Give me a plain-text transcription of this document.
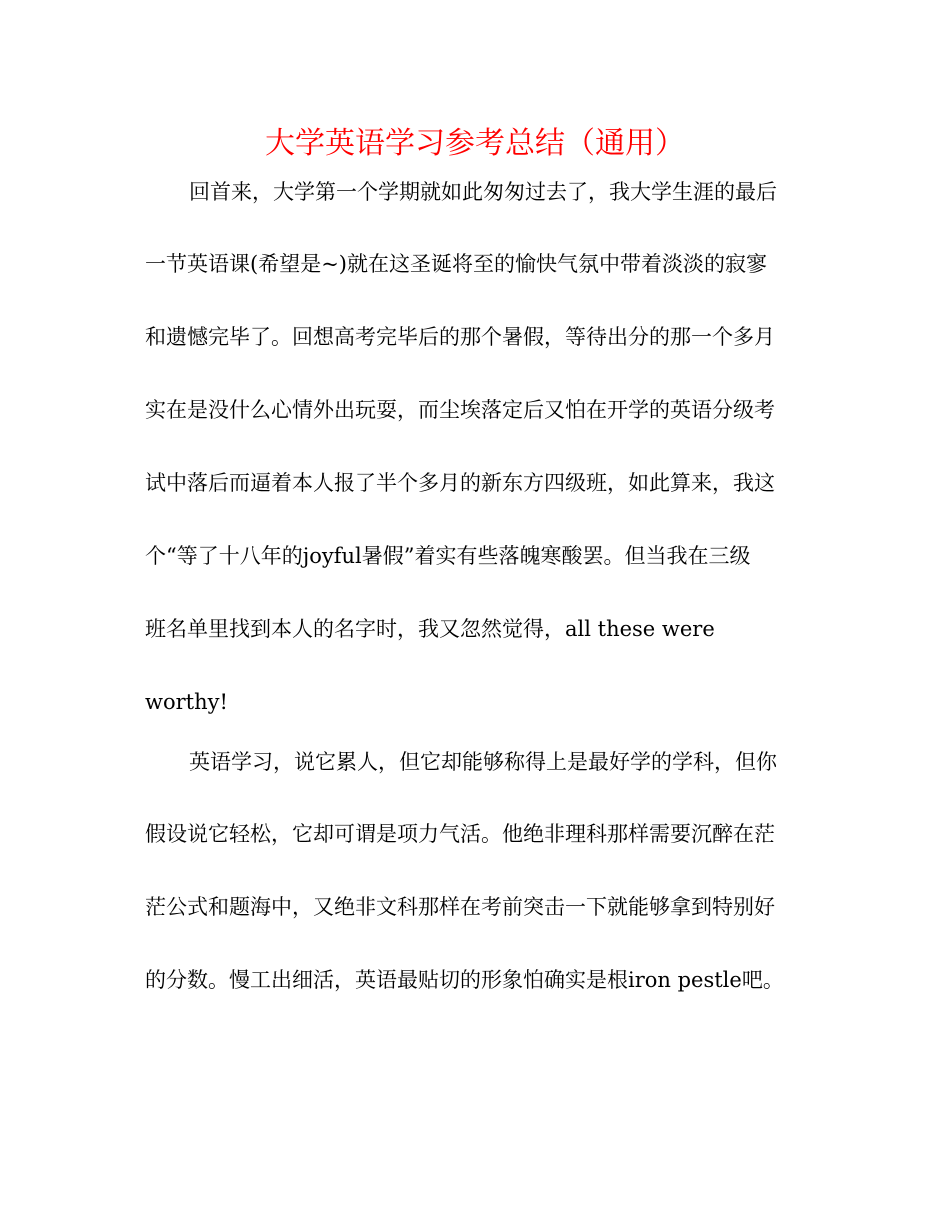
大学英语学习参考总结（通用）
回首来，大学第一个学期就如此匆匆过去了，我大学生涯的最后
一节英语课(希望是~)就在这圣诞将至的愉快气氛中带着淡淡的寂寥
和遗憾完毕了。回想高考完毕后的那个暑假，等待出分的那一个多月
实在是没什么心情外出玩耍，而尘埃落定后又怕在开学的英语分级考
试中落后而逼着本人报了半个多月的新东方四级班，如此算来，我这
个“等了十八年的joyful暑假”着实有些落魄寒酸罢。但当我在三级
班名单里找到本人的名字时，我又忽然觉得，all these were
worthy!
英语学习，说它累人，但它却能够称得上是最好学的学科，但你
假设说它轻松，它却可谓是项力气活。他绝非理科那样需要沉醉在茫
茫公式和题海中，又绝非文科那样在考前突击一下就能够拿到特别好
的分数。慢工出细活，英语最贴切的形象怕确实是根iron pestle吧。
